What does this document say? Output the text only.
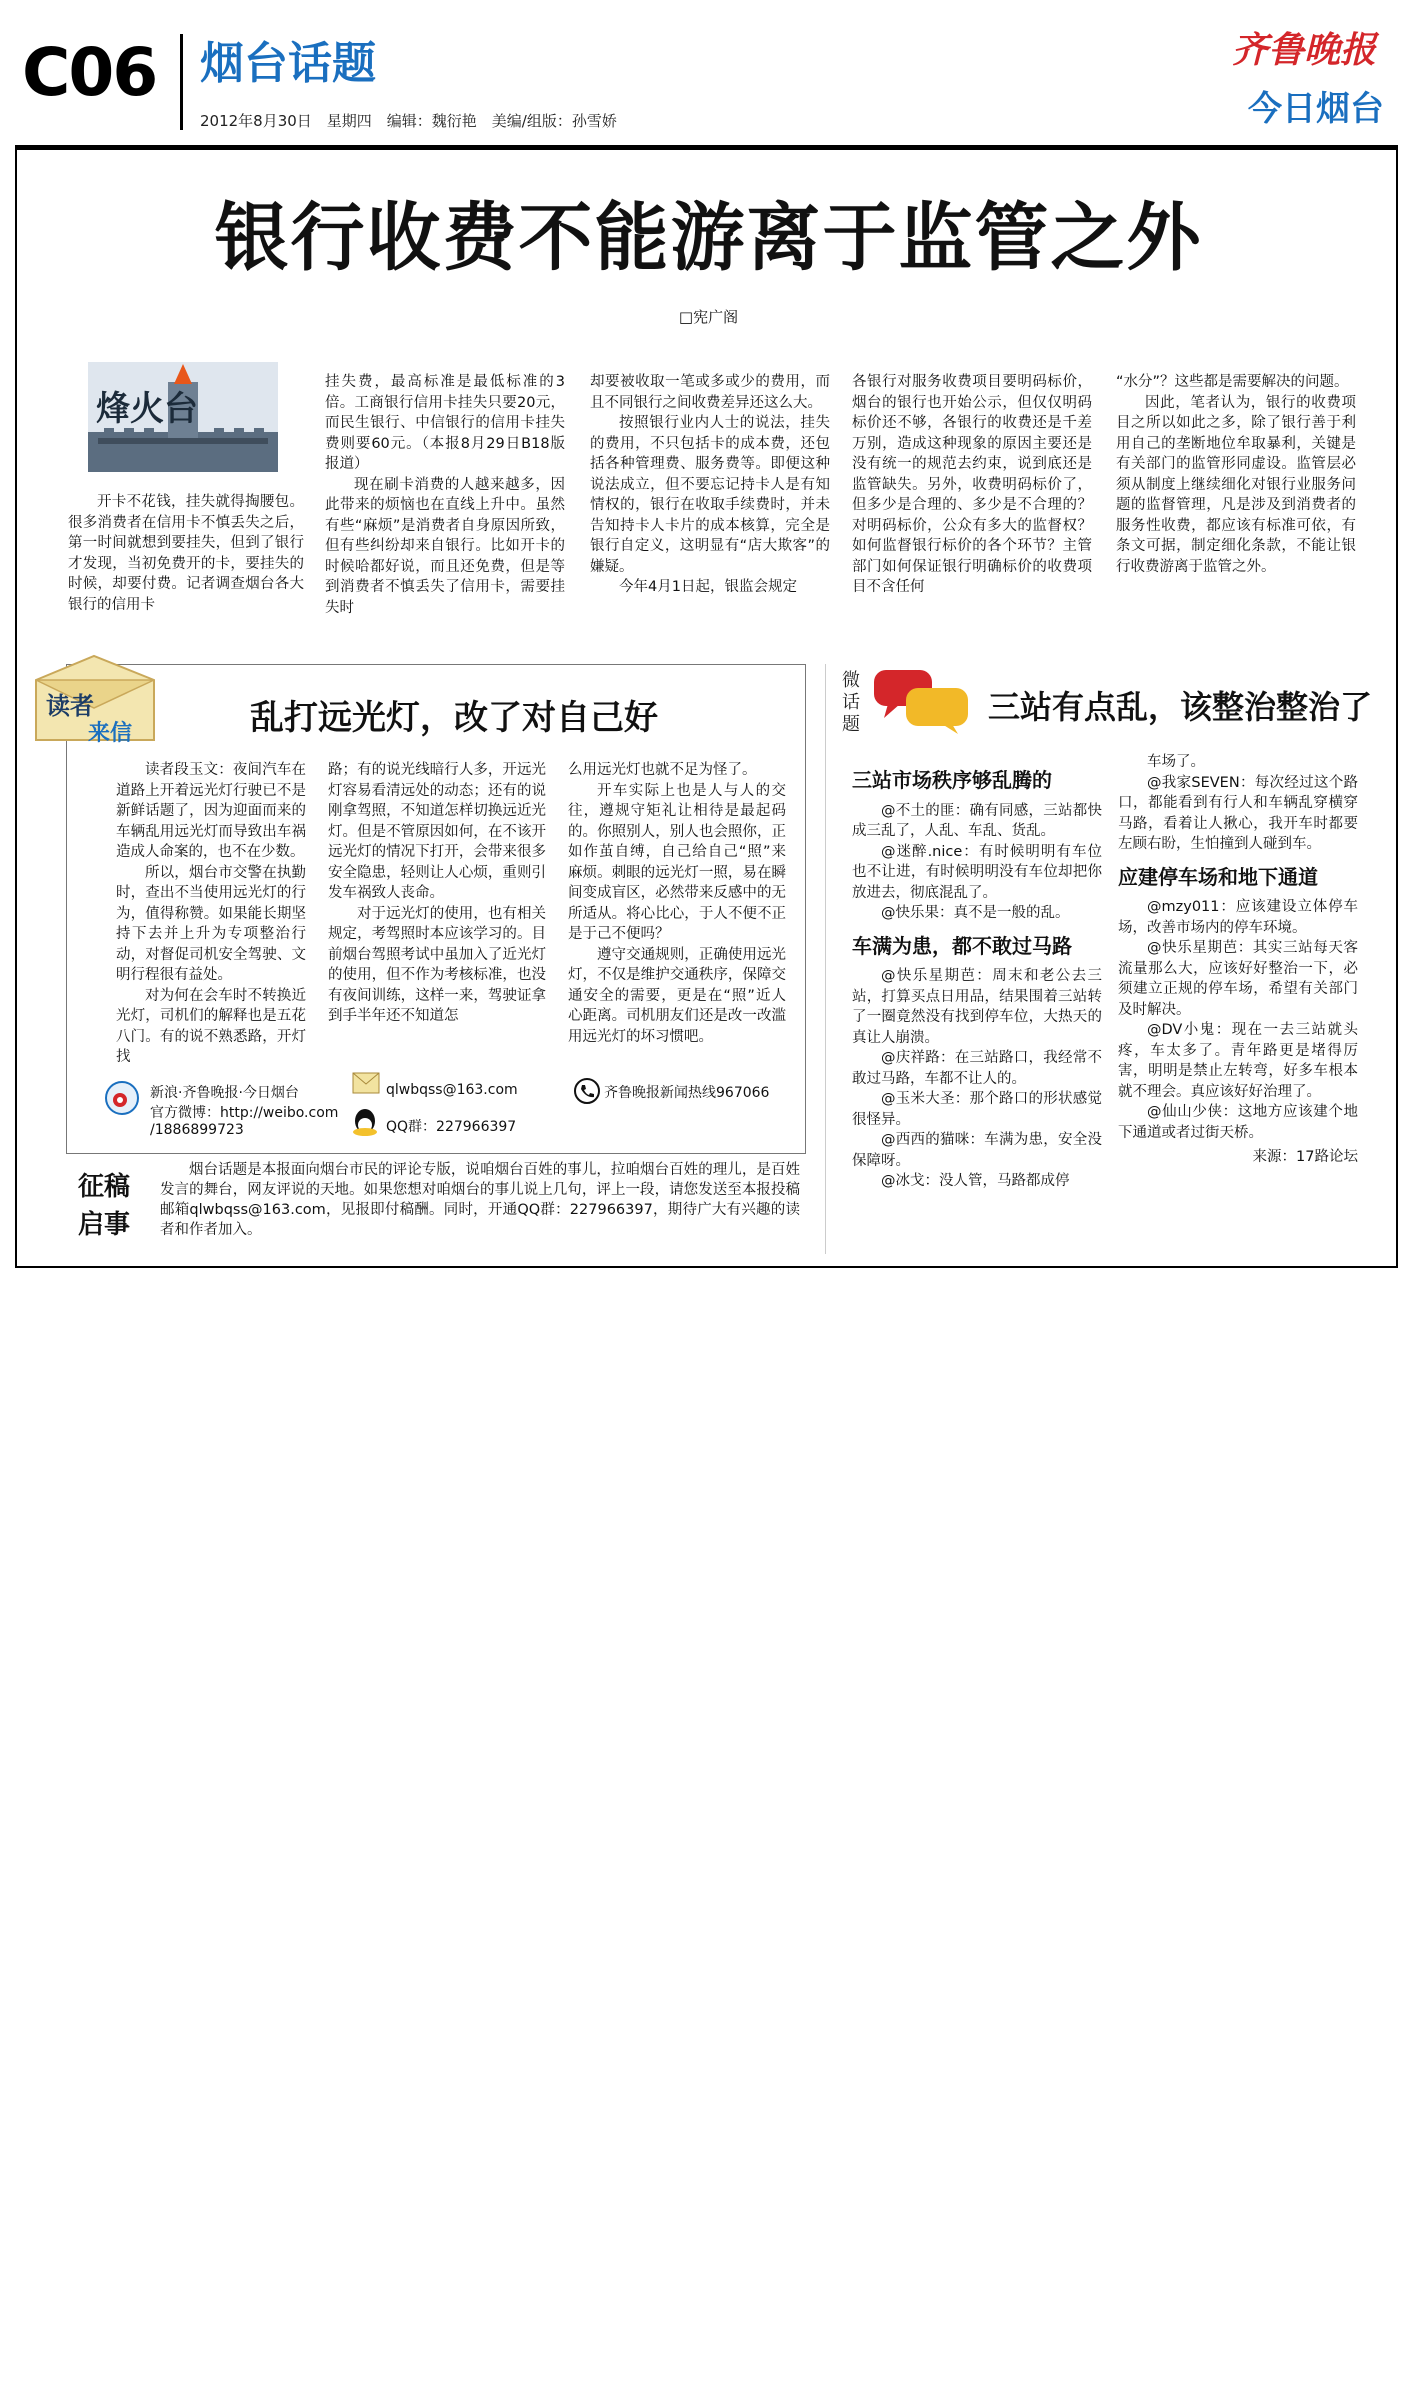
C06 烟台话题
2012年8月30日　星期四　编辑：魏衍艳　美编/组版：孙雪娇
齐鲁晚报
今日烟台
银行收费不能游离于监管之外
□宪广阁
烽火台

开卡不花钱，挂失就得掏腰包。很多消费者在信用卡不慎丢失之后，第一时间就想到要挂失，但到了银行才发现，当初免费开的卡，要挂失的时候，却要付费。记者调查烟台各大银行的信用卡

挂失费，最高标准是最低标准的3倍。工商银行信用卡挂失只要20元，而民生银行、中信银行的信用卡挂失费则要60元。（本报8月29日B18版报道）

现在刷卡消费的人越来越多，因此带来的烦恼也在直线上升中。虽然有些“麻烦”是消费者自身原因所致，但有些纠纷却来自银行。比如开卡的时候哈都好说，而且还免费，但是等到消费者不慎丢失了信用卡，需要挂失时

却要被收取一笔或多或少的费用，而且不同银行之间收费差异还这么大。

按照银行业内人士的说法，挂失的费用，不只包括卡的成本费，还包括各种管理费、服务费等。即便这种说法成立，但不要忘记持卡人是有知情权的，银行在收取手续费时，并未告知持卡人卡片的成本核算，完全是银行自定义，这明显有“店大欺客”的嫌疑。

今年4月1日起，银监会规定

各银行对服务收费项目要明码标价，烟台的银行也开始公示，但仅仅明码标价还不够，各银行的收费还是千差万别，造成这种现象的原因主要还是没有统一的规范去约束，说到底还是监管缺失。另外，收费明码标价了，但多少是合理的、多少是不合理的？对明码标价，公众有多大的监督权？如何监督银行标价的各个环节？主管部门如何保证银行明确标价的收费项目不含任何

“水分”？这些都是需要解决的问题。

因此，笔者认为，银行的收费项目之所以如此之多，除了银行善于利用自己的垄断地位牟取暴利，关键是有关部门的监管形同虚设。监管层必须从制度上继续细化对银行业服务问题的监督管理，凡是涉及到消费者的服务性收费，都应该有标准可依，有条文可据，制定细化条款，不能让银行收费游离于监管之外。

读者
来信	乱打远光灯，改了对自己好

读者段玉文：夜间汽车在道路上开着远光灯行驶已不是新鲜话题了，因为迎面而来的车辆乱用远光灯而导致出车祸造成人命案的，也不在少数。

所以，烟台市交警在执勤时，查出不当使用远光灯的行为，值得称赞。如果能长期坚持下去并上升为专项整治行动，对督促司机安全驾驶、文明行程很有益处。

对为何在会车时不转换近光灯，司机们的解释也是五花八门。有的说不熟悉路，开灯找

路；有的说光线暗行人多，开远光灯容易看清远处的动态；还有的说刚拿驾照，不知道怎样切换远近光灯。但是不管原因如何，在不该开远光灯的情况下打开，会带来很多安全隐患，轻则让人心烦，重则引发车祸致人丧命。

对于远光灯的使用，也有相关规定，考驾照时本应该学习的。目前烟台驾照考试中虽加入了近光灯的使用，但不作为考核标准，也没有夜间训练，这样一来，驾驶证拿到手半年还不知道怎

么用远光灯也就不足为怪了。

开车实际上也是人与人的交往，遵规守矩礼让相待是最起码的。你照别人，别人也会照你，正如作茧自缚，自己给自己“照”来麻烦。刺眼的远光灯一照，易在瞬间变成盲区，必然带来反感中的无所适从。将心比心，于人不便不正是于己不便吗？

遵守交通规则，正确使用远光灯，不仅是维护交通秩序，保障交通安全的需要，更是在“照”近人心距离。司机朋友们还是改一改滥用远光灯的坏习惯吧。

新浪·齐鲁晚报·今日烟台
官方微博：http://weibo.com
/1886899723
qlwbqss@163.com
QQ群：227966397
齐鲁晚报新闻热线967066
征稿
启事
烟台话题是本报面向烟台市民的评论专版，说咱烟台百姓的事儿，拉咱烟台百姓的理儿，是百姓发言的舞台，网友评说的天地。如果您想对咱烟台的事儿说上几句，评上一段，请您发送至本报投稿邮箱qlwbqss@163.com，见报即付稿酬。同时，开通QQ群：227966397，期待广大有兴趣的读者和作者加入。
微话题	三站有点乱，该整治整治了
三站市场秩序够乱腾的

@不土的匪：确有同感，三站都快成三乱了，人乱、车乱、货乱。

@迷醉.nice：有时候明明有车位也不让进，有时候明明没有车位却把你放进去，彻底混乱了。

@快乐果：真不是一般的乱。

车满为患，都不敢过马路

@快乐星期芭：周末和老公去三站，打算买点日用品，结果围着三站转了一圈竟然没有找到停车位，大热天的真让人崩溃。

@庆祥路：在三站路口，我经常不敢过马路，车都不让人的。

@玉米大圣：那个路口的形状感觉很怪异。

@西西的猫咪：车满为患，安全没保障呀。

@冰戈：没人管，马路都成停

车场了。

@我家SEVEN：每次经过这个路口，都能看到有行人和车辆乱穿横穿马路，看着让人揪心，我开车时都要左顾右盼，生怕撞到人碰到车。

应建停车场和地下通道

@mzy011：应该建设立体停车场，改善市场内的停车环境。

@快乐星期芭：其实三站每天客流量那么大，应该好好整治一下，必须建立正规的停车场，希望有关部门及时解决。

@DV小鬼：现在一去三站就头疼，车太多了。青年路更是堵得厉害，明明是禁止左转弯，好多车根本就不理会。真应该好好治理了。

@仙山少侠：这地方应该建个地下通道或者过街天桥。

来源：17路论坛
